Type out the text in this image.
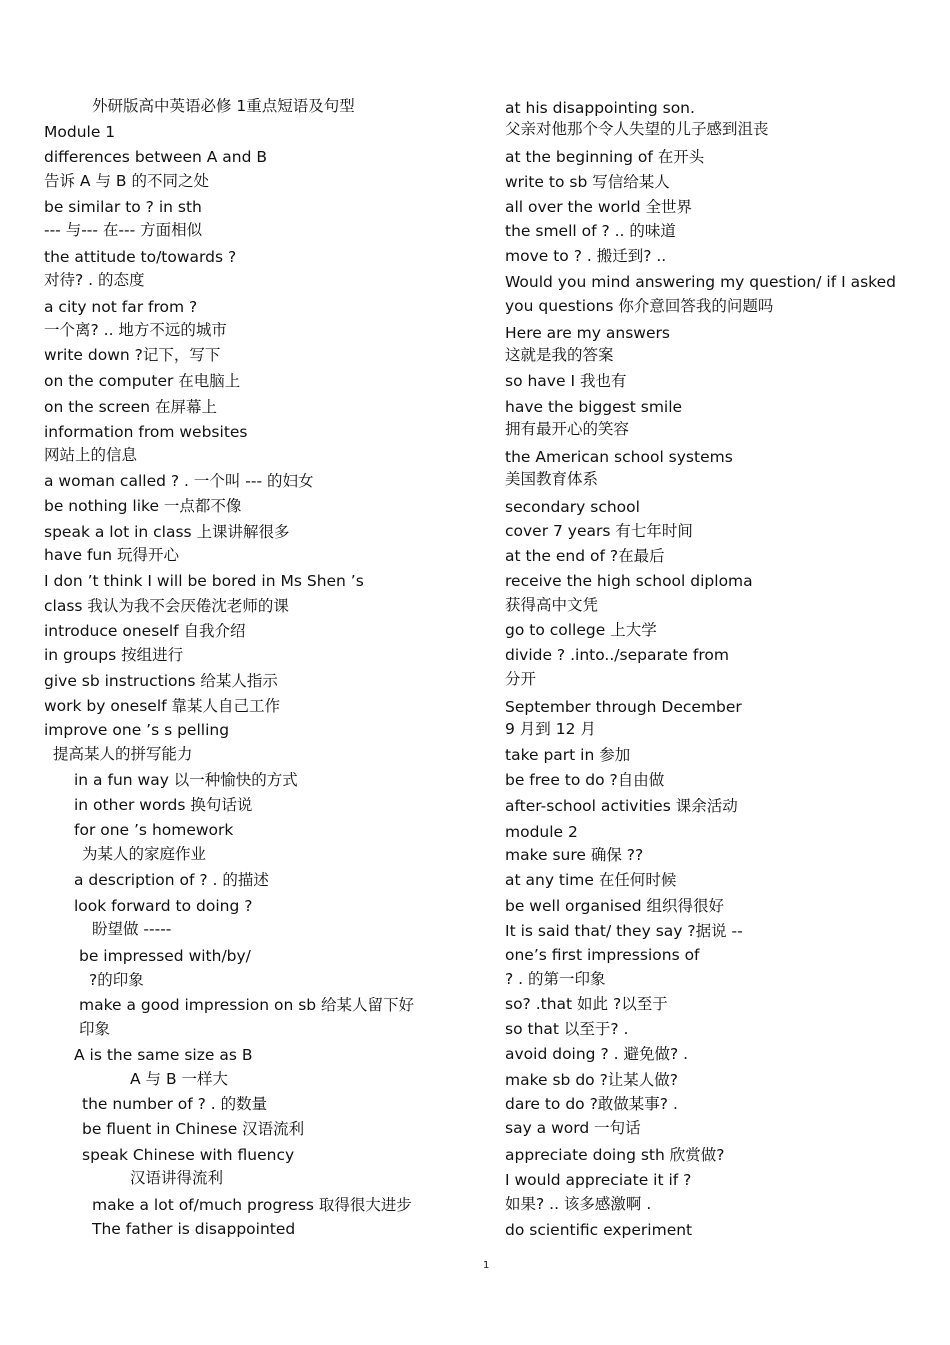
外研版高中英语必修 1重点短语及句型
Module 1
differences between A and B
告诉 A 与 B 的不同之处
be similar to ? in sth
--- 与--- 在--- 方面相似
the attitude to/towards ?
对待? . 的态度
a city not far from ?
一个离? .. 地方不远的城市
write down ?记下，写下
on the computer 在电脑上
on the screen 在屏幕上
information from websites
网站上的信息
a woman called ? . 一个叫 --- 的妇女
be nothing like 一点都不像
speak a lot in class 上课讲解很多
have fun 玩得开心
I don ’t think I will be bored in Ms Shen ’s
class 我认为我不会厌倦沈老师的课
introduce oneself 自我介绍
in groups 按组进行
give sb instructions 给某人指示
work by oneself 靠某人自己工作
improve one ’s s pelling
提高某人的拼写能力
in a fun way 以一种愉快的方式
in other words 换句话说
for one ’s homework
为某人的家庭作业
a description of ? . 的描述
look forward to doing ?
盼望做 -----
be impressed with/by/
?的印象
make a good impression on sb 给某人留下好
印象
A is the same size as B
A 与 B 一样大
the number of ? . 的数量
be fluent in Chinese 汉语流利
speak Chinese with fluency
汉语讲得流利
make a lot of/much progress 取得很大进步
The father is disappointed
at his disappointing son.
父亲对他那个令人失望的儿子感到沮丧
at the beginning of 在开头
write to sb 写信给某人
all over the world 全世界
the smell of ? .. 的味道
move to ? . 搬迁到? ..
Would you mind answering my question/ if I asked
you questions 你介意回答我的问题吗
Here are my answers
这就是我的答案
so have I 我也有
have the biggest smile
拥有最开心的笑容
the American school systems
美国教育体系
secondary school
cover 7 years 有七年时间
at the end of ?在最后
receive the high school diploma
获得高中文凭
go to college 上大学
divide ? .into../separate from
分开
September through December
9 月到 12 月
take part in 参加
be free to do ?自由做
after-school activities 课余活动
module 2
make sure 确保 ??
at any time 在任何时候
be well organised 组织得很好
It is said that/ they say ?据说 --
one’s first impressions of
? . 的第一印象
so? .that 如此 ?以至于
so that 以至于? .
avoid doing ? . 避免做? .
make sb do ?让某人做?
dare to do ?敢做某事? .
say a word 一句话
appreciate doing sth 欣赏做?
I would appreciate it if ?
如果? .. 该多感激啊 .
do scientific experiment
1
